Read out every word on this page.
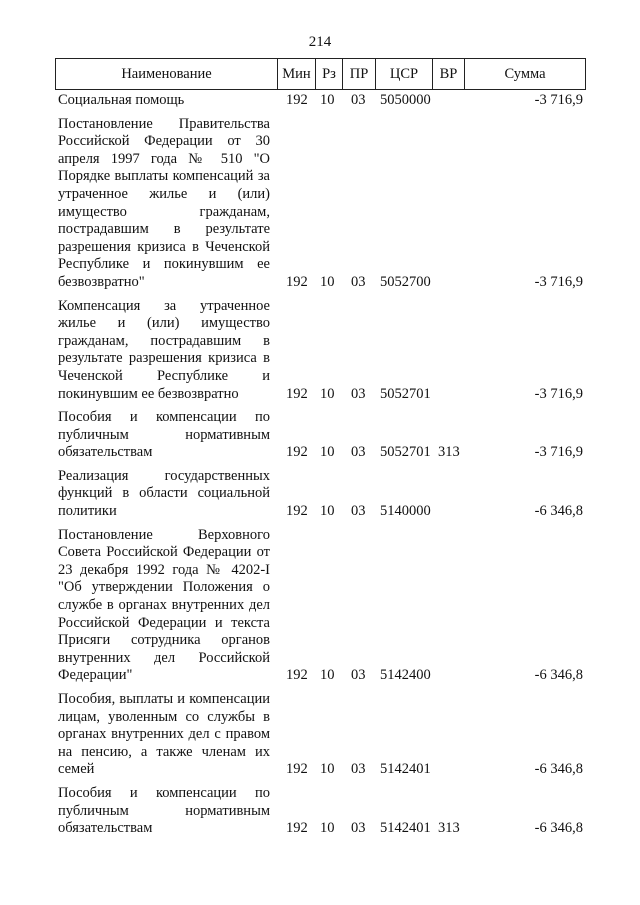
214
Наименование	Мин	Рз	ПР	ЦСР	ВР	Сумма
Социальная помощь	192 10 03 5050000	-3 716,9
Постановление Правительства Российской Федерации от 30 апреля 1997 года № 510 "О Порядке выплаты компенсаций за утраченное жилье и (или) имущество гражданам, пострадавшим в результате разрешения кризиса в Чеченской Республике и покинувшим ее безвозвратно"	192 10 03 5052700	-3 716,9
Компенсация за утраченное жилье и (или) имущество гражданам, пострадавшим в результате разрешения кризиса в Чеченской Республике и покинувшим ее безвозвратно	192 10 03 5052701	-3 716,9
Пособия и компенсации по публичным нормативным обязательствам	192 10 03 5052701 313	-3 716,9
Реализация государственных функций в области социальной политики	192 10 03 5140000	-6 346,8
Постановление Верховного Совета Российской Федерации от 23 декабря 1992 года № 4202-I "Об утверждении Положения о службе в органах внутренних дел Российской Федерации и текста Присяги сотрудника органов внутренних дел Российской Федерации"	192 10 03 5142400	-6 346,8
Пособия, выплаты и компенсации лицам, уволенным со службы в органах внутренних дел с правом на пенсию, а также членам их семей	192 10 03 5142401	-6 346,8
Пособия и компенсации по публичным нормативным обязательствам	192 10 03 5142401 313	-6 346,8
